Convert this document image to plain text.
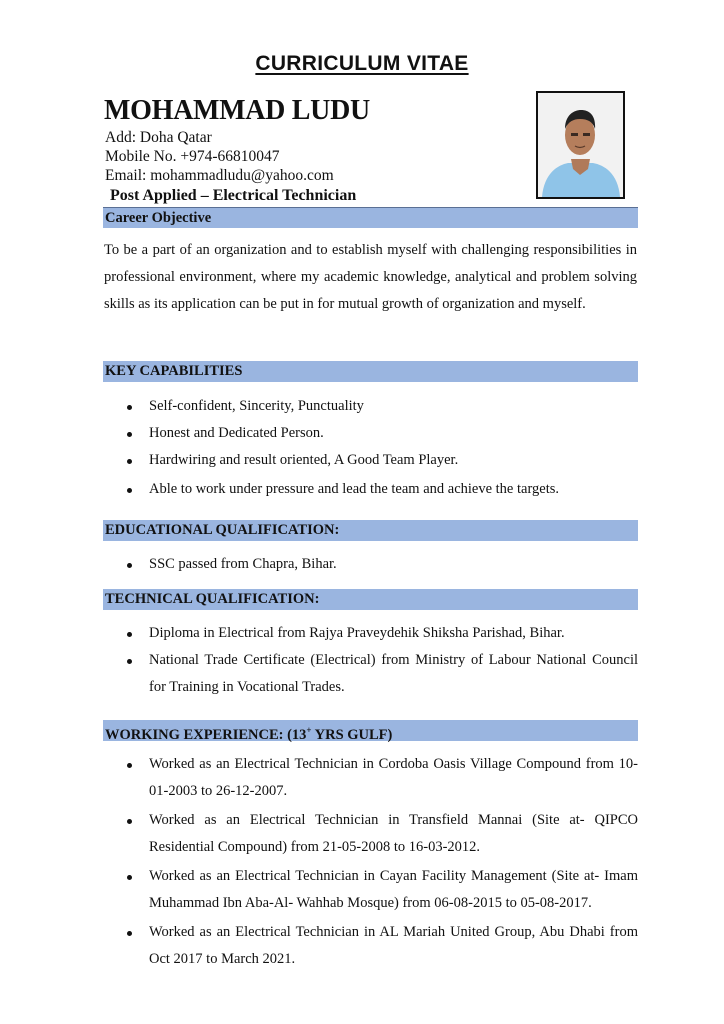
CURRICULUM VITAE
MOHAMMAD LUDU
Add: Doha Qatar
Mobile No. +974-66810047
Email: mohammadludu@yahoo.com
Post Applied – Electrical Technician
Career Objective
To be a part of an organization and to establish myself with challenging responsibilities in professional environment, where my academic knowledge, analytical and problem solving skills as its application can be put in for mutual growth of organization and myself.
KEY CAPABILITIES
Self-confident, Sincerity, Punctuality
Honest and Dedicated Person.
Hardwiring and result oriented, A Good Team Player.
Able to work under pressure and lead the team and achieve the targets.
EDUCATIONAL QUALIFICATION:
SSC passed from Chapra, Bihar.
TECHNICAL QUALIFICATION:
Diploma in Electrical from Rajya Praveydehik Shiksha Parishad, Bihar.
National Trade Certificate (Electrical) from Ministry of Labour National Council for Training in Vocational Trades.
WORKING EXPERIENCE: (13+ YRS GULF)
Worked as an Electrical Technician in Cordoba Oasis Village Compound from 10-01-2003 to 26-12-2007.
Worked as an Electrical Technician in Transfield Mannai (Site at- QIPCO Residential Compound) from 21-05-2008 to 16-03-2012.
Worked as an Electrical Technician in Cayan Facility Management (Site at- Imam Muhammad Ibn Aba-Al- Wahhab Mosque) from 06-08-2015 to 05-08-2017.
Worked as an Electrical Technician in AL Mariah United Group, Abu Dhabi from Oct 2017 to March 2021.
